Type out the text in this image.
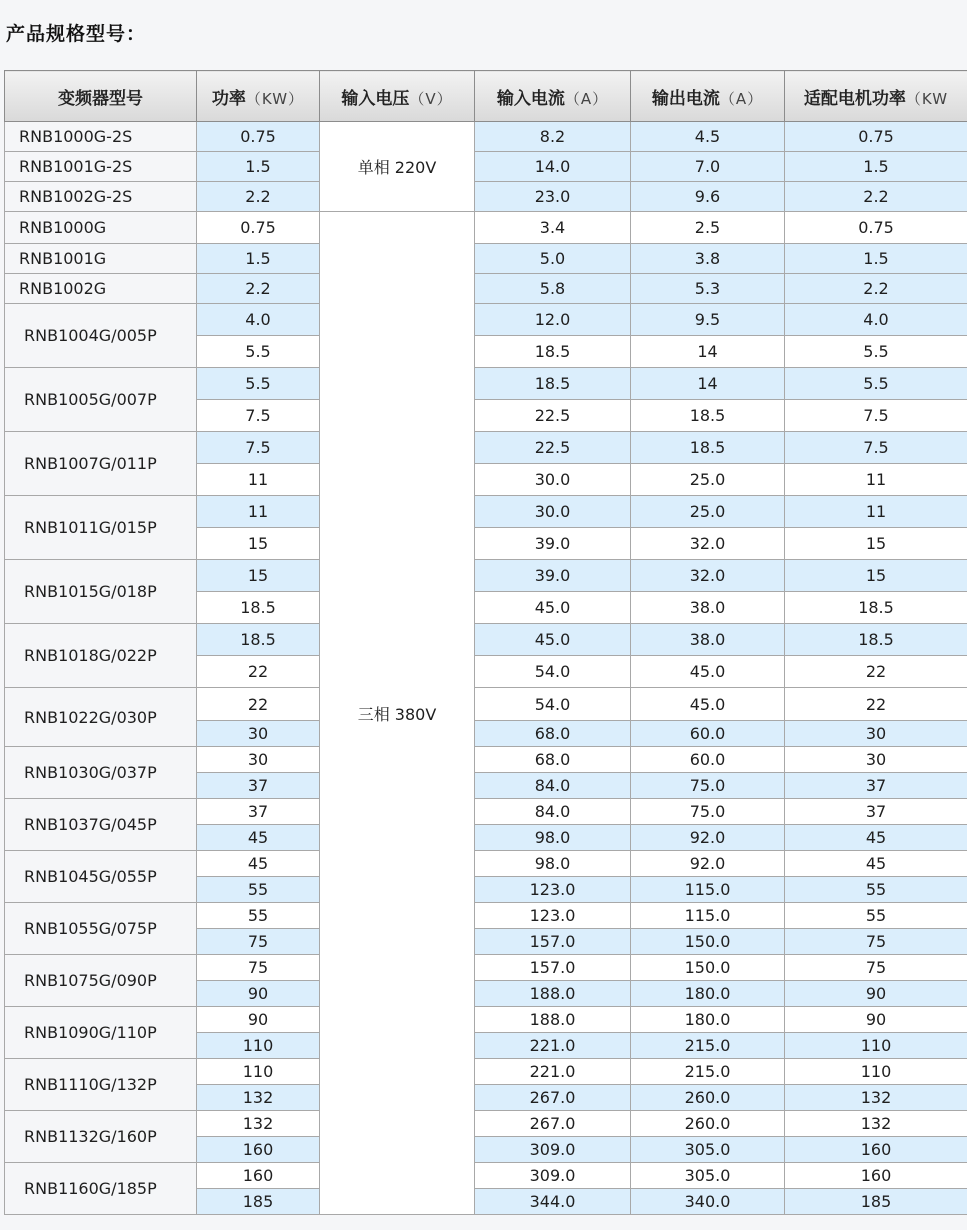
产品规格型号：
变频器型号	功率（KW）	输入电压（V）	输入电流（A）	输出电流（A）	适配电机功率（KW
RNB1000G-2S	0.75	单相 220V	8.2	4.5	0.75
RNB1001G-2S	1.5		14.0	7.0	1.5
RNB1002G-2S	2.2		23.0	9.6	2.2
RNB1000G	0.75	三相 380V	3.4	2.5	0.75
RNB1001G	1.5		5.0	3.8	1.5
RNB1002G	2.2		5.8	5.3	2.2
RNB1004G/005P	4.0		12.0	9.5	4.0
	5.5		18.5	14	5.5
RNB1005G/007P	5.5		18.5	14	5.5
	7.5		22.5	18.5	7.5
RNB1007G/011P	7.5		22.5	18.5	7.5
	11		30.0	25.0	11
RNB1011G/015P	11		30.0	25.0	11
	15		39.0	32.0	15
RNB1015G/018P	15		39.0	32.0	15
	18.5		45.0	38.0	18.5
RNB1018G/022P	18.5		45.0	38.0	18.5
	22		54.0	45.0	22
RNB1022G/030P	22		54.0	45.0	22
	30		68.0	60.0	30
RNB1030G/037P	30		68.0	60.0	30
	37		84.0	75.0	37
RNB1037G/045P	37		84.0	75.0	37
	45		98.0	92.0	45
RNB1045G/055P	45		98.0	92.0	45
	55		123.0	115.0	55
RNB1055G/075P	55		123.0	115.0	55
	75		157.0	150.0	75
RNB1075G/090P	75		157.0	150.0	75
	90		188.0	180.0	90
RNB1090G/110P	90		188.0	180.0	90
	110		221.0	215.0	110
RNB1110G/132P	110		221.0	215.0	110
	132		267.0	260.0	132
RNB1132G/160P	132		267.0	260.0	132
	160		309.0	305.0	160
RNB1160G/185P	160		309.0	305.0	160
	185		344.0	340.0	185
